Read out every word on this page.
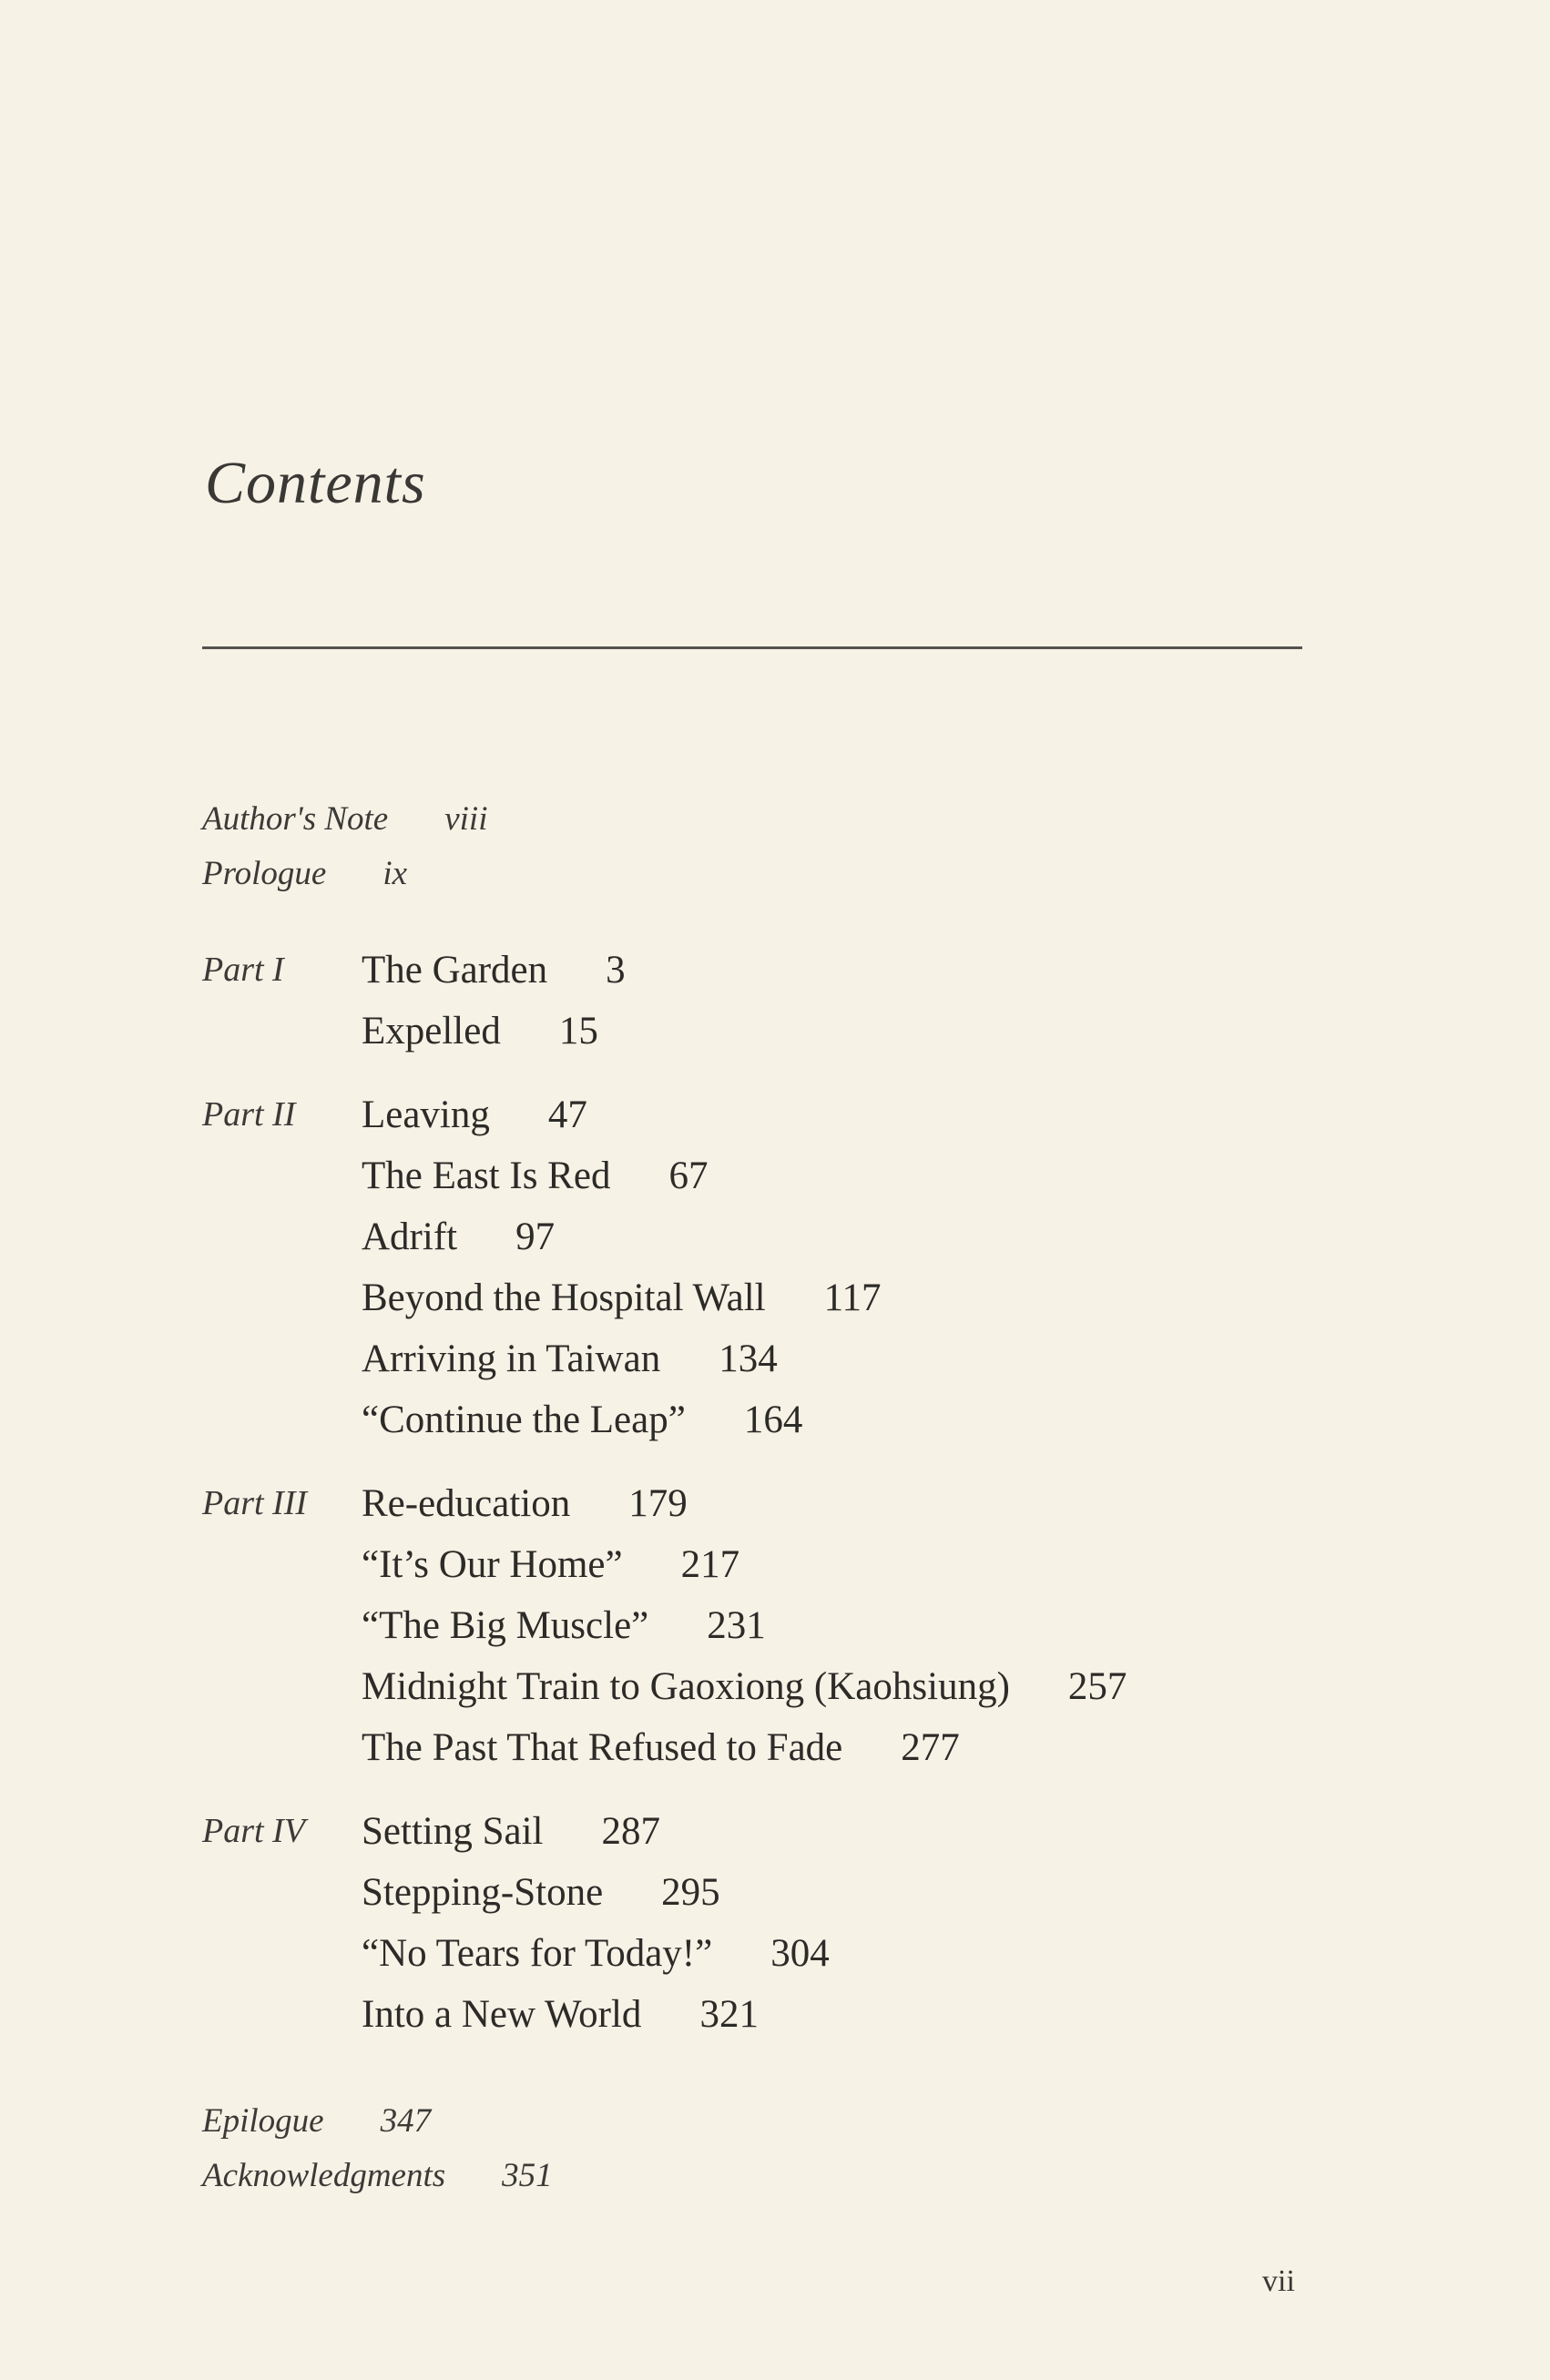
Contents
Author's Note viii
Prologue ix
Part I The Garden 3
Expelled 15
Part II Leaving 47
The East Is Red 67
Adrift 97
Beyond the Hospital Wall 117
Arriving in Taiwan 134
“Continue the Leap” 164
Part III Re-education 179
“It’s Our Home” 217
“The Big Muscle” 231
Midnight Train to Gaoxiong (Kaohsiung) 257
The Past That Refused to Fade 277
Part IV Setting Sail 287
Stepping-Stone 295
“No Tears for Today!” 304
Into a New World 321
Epilogue 347
Acknowledgments 351
vii
